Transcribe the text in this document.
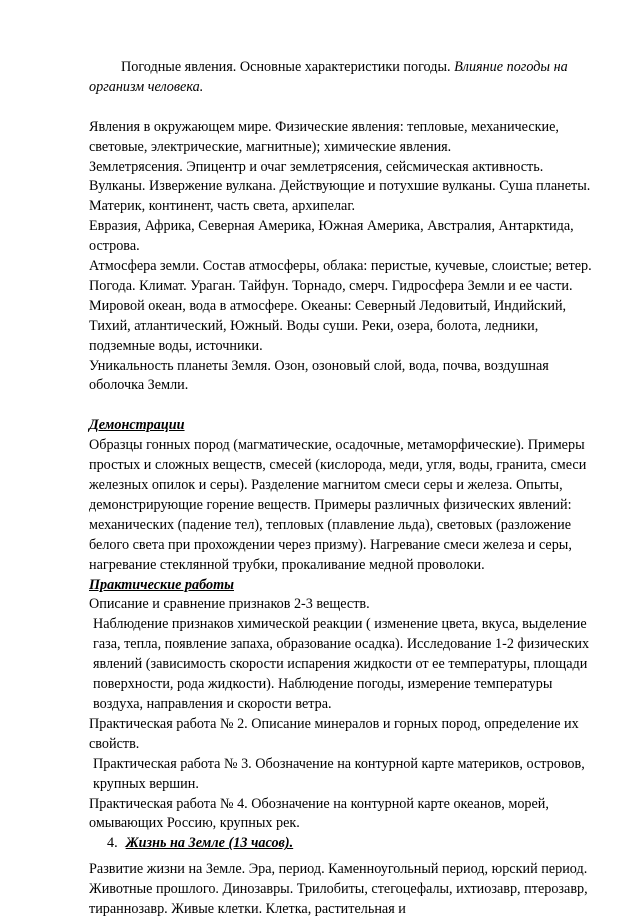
Погодные явления. Основные характеристики погоды. Влияние погоды на организм человека.

Явления в окружающем мире. Физические явления: тепловые, механические, световые, электрические, магнитные); химические явления.

Землетрясения. Эпицентр и очаг землетрясения, сейсмическая активность. Вулканы. Извержение вулкана. Действующие и потухшие вулканы. Суша планеты. Материк, континент, часть света, архипелаг.

Евразия, Африка, Северная Америка, Южная Америка, Австралия, Антарктида, острова.

Атмосфера земли. Состав атмосферы, облака: перистые, кучевые, слоистые; ветер. Погода. Климат. Ураган. Тайфун. Торнадо, смерч. Гидросфера Земли и ее части. Мировой океан, вода в атмосфере. Океаны: Северный Ледовитый, Индийский, Тихий, атлантический, Южный. Воды суши. Реки, озера, болота, ледники, подземные воды, источники.

Уникальность планеты Земля. Озон, озоновый слой, вода, почва, воздушная оболочка Земли.

Демонстрации

Образцы гонных пород (магматические, осадочные, метаморфические). Примеры простых и сложных веществ, смесей (кислорода, меди, угля, воды, гранита, смеси железных опилок и серы). Разделение магнитом смеси серы и железа. Опыты, демонстрирующие горение веществ. Примеры различных физических явлений: механических (падение тел), тепловых (плавление льда), световых (разложение белого света при прохождении через призму). Нагревание смеси железа и серы, нагревание стеклянной трубки, прокаливание медной проволоки.

Практические работы

Описание и сравнение признаков 2-3 веществ.

Наблюдение признаков химической реакции ( изменение цвета, вкуса, выделение газа, тепла, появление запаха, образование осадка). Исследование 1-2 физических явлений (зависимость скорости испарения жидкости от ее температуры, площади поверхности, рода жидкости). Наблюдение погоды, измерение температуры воздуха, направления и скорости ветра.

Практическая работа № 2. Описание минералов и горных пород, определение их свойств.

Практическая работа № 3. Обозначение на контурной карте материков, островов, крупных вершин.

Практическая работа № 4. Обозначение на контурной карте океанов, морей, омывающих Россию, крупных рек.

4. Жизнь на Земле (13 часов).

Развитие жизни на Земле. Эра, период. Каменноугольный период, юрский период. Животные прошлого. Динозавры. Трилобиты, стегоцефалы, ихтиозавр, птерозавр, тираннозавр. Живые клетки. Клетка, растительная и
